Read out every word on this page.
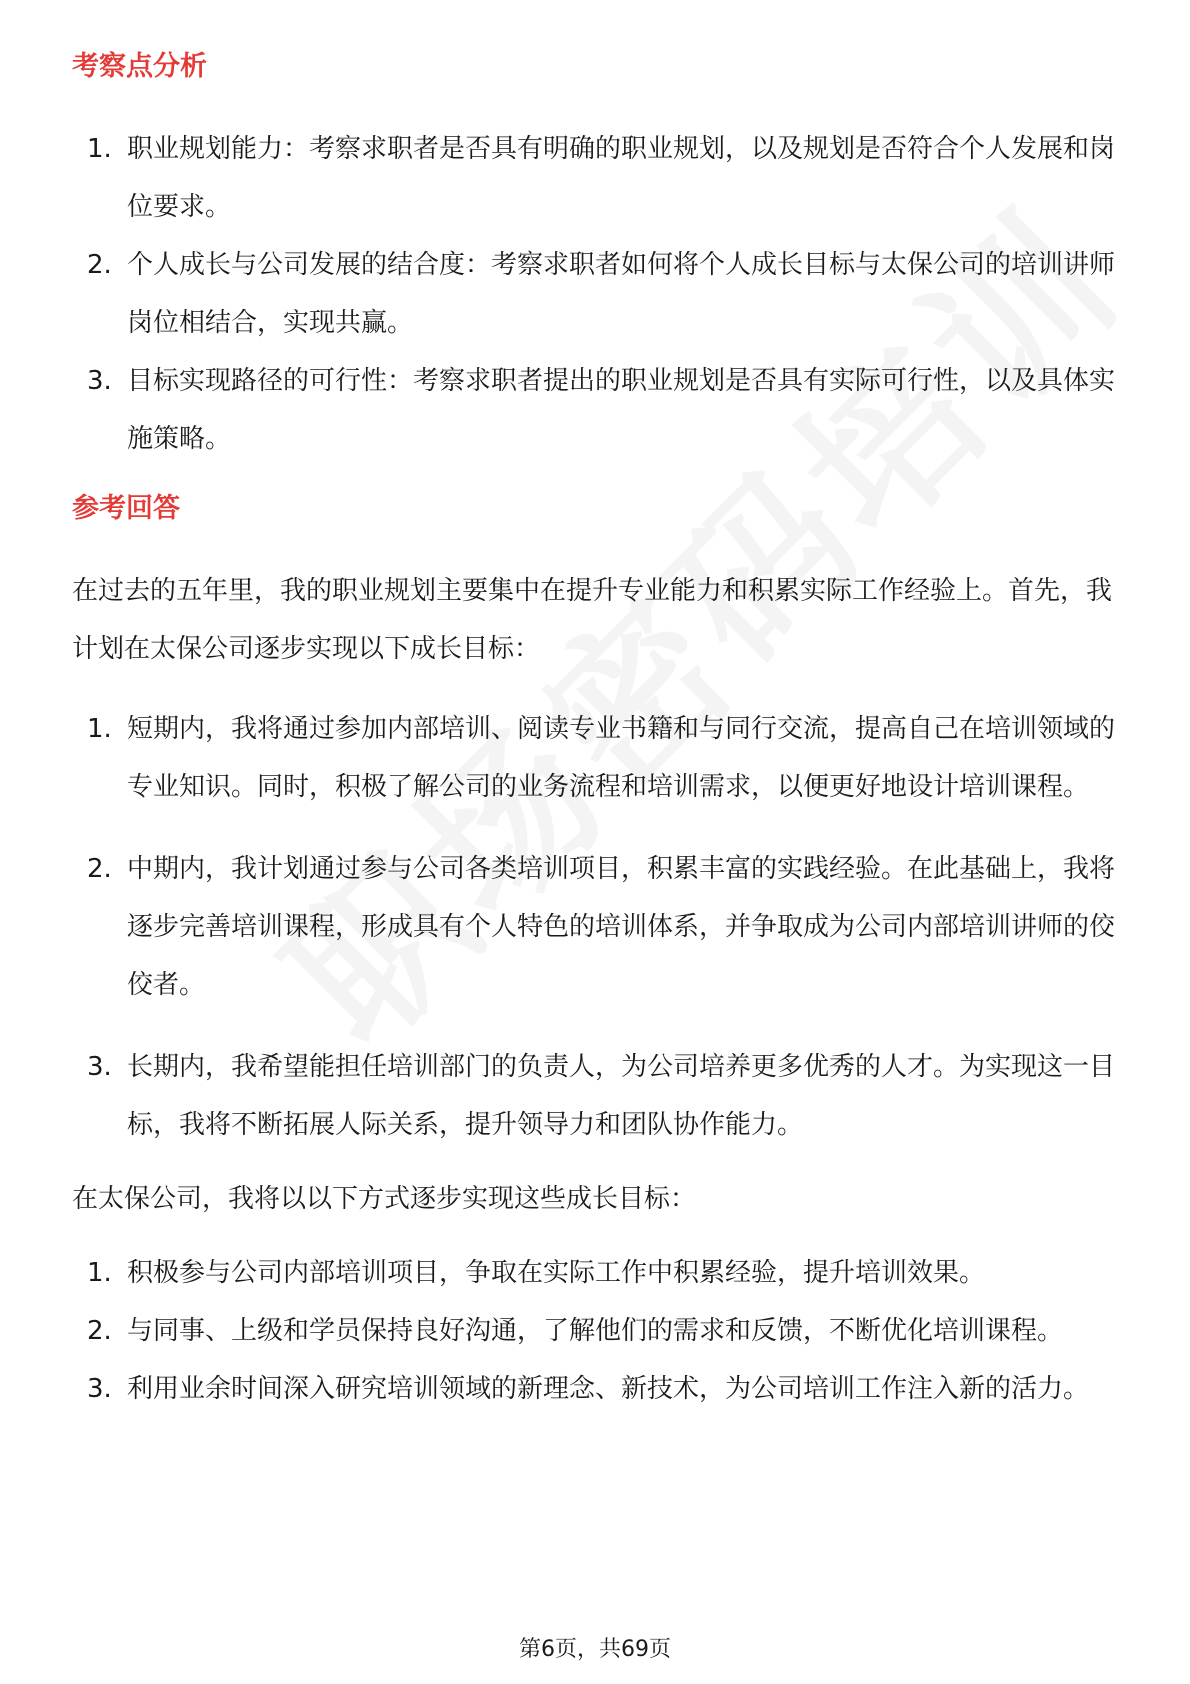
考察点分析
1. 职业规划能力：考察求职者是否具有明确的职业规划，以及规划是否符合个人发展和岗位要求。
2. 个人成长与公司发展的结合度：考察求职者如何将个人成长目标与太保公司的培训讲师岗位相结合，实现共赢。
3. 目标实现路径的可行性：考察求职者提出的职业规划是否具有实际可行性，以及具体实施策略。
参考回答

在过去的五年里，我的职业规划主要集中在提升专业能力和积累实际工作经验上。首先，我计划在太保公司逐步实现以下成长目标：

1. 短期内，我将通过参加内部培训、阅读专业书籍和与同行交流，提高自己在培训领域的专业知识。同时，积极了解公司的业务流程和培训需求，以便更好地设计培训课程。
2. 中期内，我计划通过参与公司各类培训项目，积累丰富的实践经验。在此基础上，我将逐步完善培训课程，形成具有个人特色的培训体系，并争取成为公司内部培训讲师的佼佼者。
3. 长期内，我希望能担任培训部门的负责人，为公司培养更多优秀的人才。为实现这一目标，我将不断拓展人际关系，提升领导力和团队协作能力。

在太保公司，我将以以下方式逐步实现这些成长目标：

1. 积极参与公司内部培训项目，争取在实际工作中积累经验，提升培训效果。
2. 与同事、上级和学员保持良好沟通，了解他们的需求和反馈，不断优化培训课程。
3. 利用业余时间深入研究培训领域的新理念、新技术，为公司培训工作注入新的活力。
第6页，共69页
